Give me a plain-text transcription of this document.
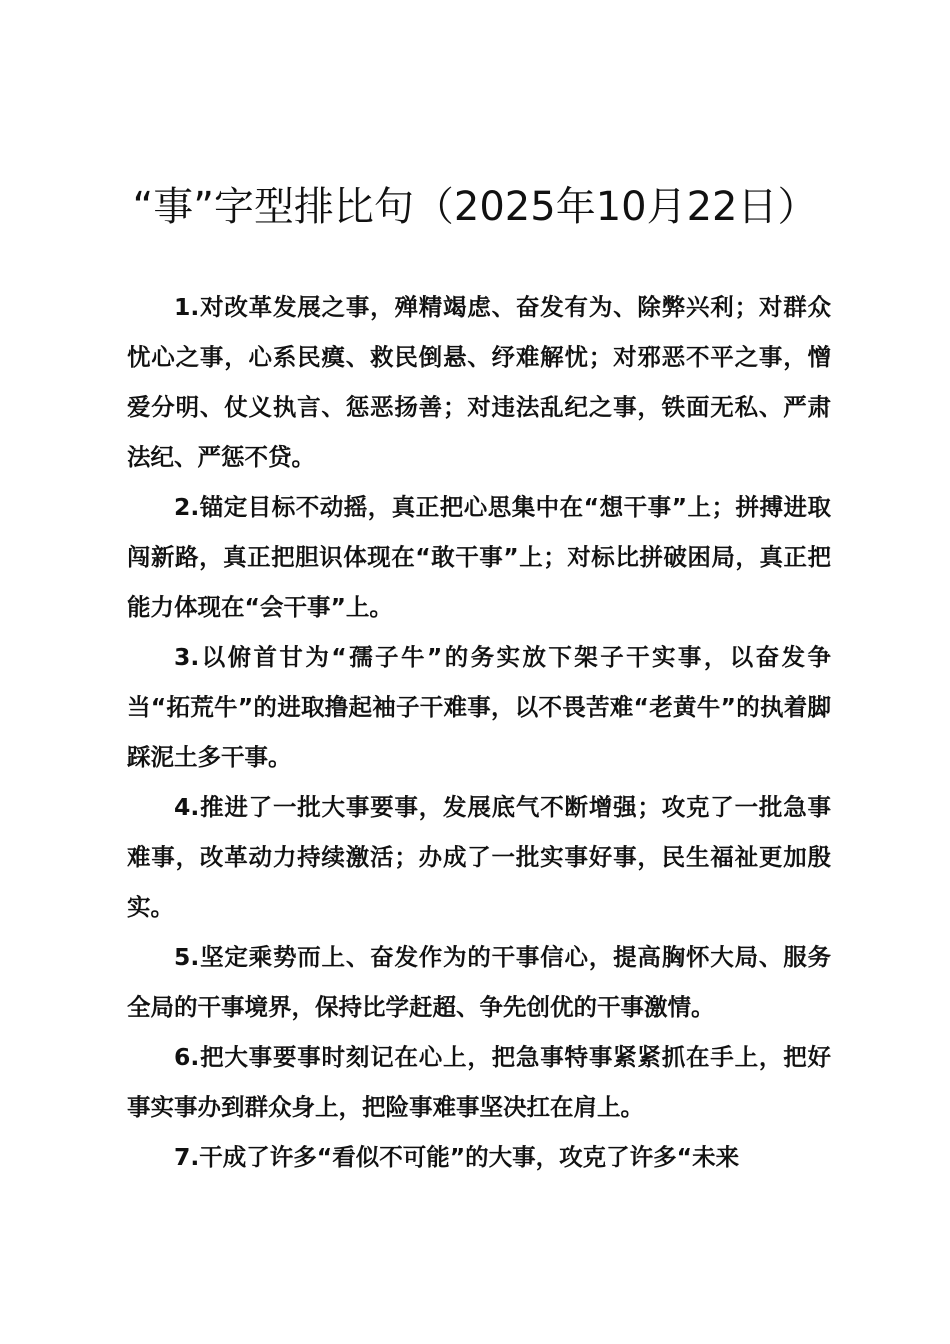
“事”字型排比句（2025年10月22日）

1.对改革发展之事，殚精竭虑、奋发有为、除弊兴利；对群众忧心之事，心系民瘼、救民倒悬、纾难解忧；对邪恶不平之事，憎爱分明、仗义执言、惩恶扬善；对违法乱纪之事，铁面无私、严肃法纪、严惩不贷。

2.锚定目标不动摇，真正把心思集中在“想干事”上；拼搏进取闯新路，真正把胆识体现在“敢干事”上；对标比拼破困局，真正把能力体现在“会干事”上。

3.以俯首甘为“孺子牛”的务实放下架子干实事，以奋发争当“拓荒牛”的进取撸起袖子干难事，以不畏苦难“老黄牛”的执着脚踩泥土多干事。

4.推进了一批大事要事，发展底气不断增强；攻克了一批急事难事，改革动力持续激活；办成了一批实事好事，民生福祉更加殷实。

5.坚定乘势而上、奋发作为的干事信心，提高胸怀大局、服务全局的干事境界，保持比学赶超、争先创优的干事激情。

6.把大事要事时刻记在心上，把急事特事紧紧抓在手上，把好事实事办到群众身上，把险事难事坚决扛在肩上。

7.干成了许多“看似不可能”的大事，攻克了许多“未来
